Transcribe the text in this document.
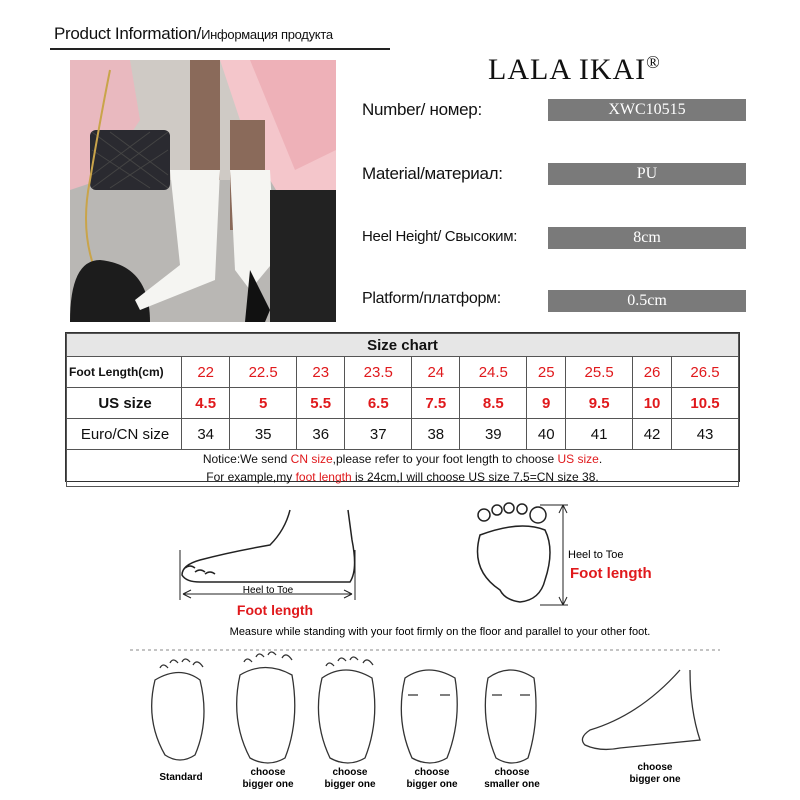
Product Information/Информация продукта
LALA IKAI®
Number/ номер:	XWC10515
Material/материал:	PU
Heel Height/ Свысоким:	8cm
Platform/платформ:	0.5cm
Size chart										
Foot Length(cm)	22	22.5	23	23.5	24	24.5	25	25.5	26	26.5
US size	4.5	5	5.5	6.5	7.5	8.5	9	9.5	10	10.5
Euro/CN size	34	35	36	37	38	39	40	41	42	43
Notice:We send CN size,please refer to your foot length to choose US size.										
For example,my foot length is 24cm,I will choose US size 7.5=CN size 38.										
Heel to Toe
Foot length
Heel to Toe
Foot length
Measure while standing with your foot firmly on the floor and parallel to your other foot.
Standard	choose
bigger one
choose
bigger one
choose
bigger one
choose
smaller one
choose
bigger one
